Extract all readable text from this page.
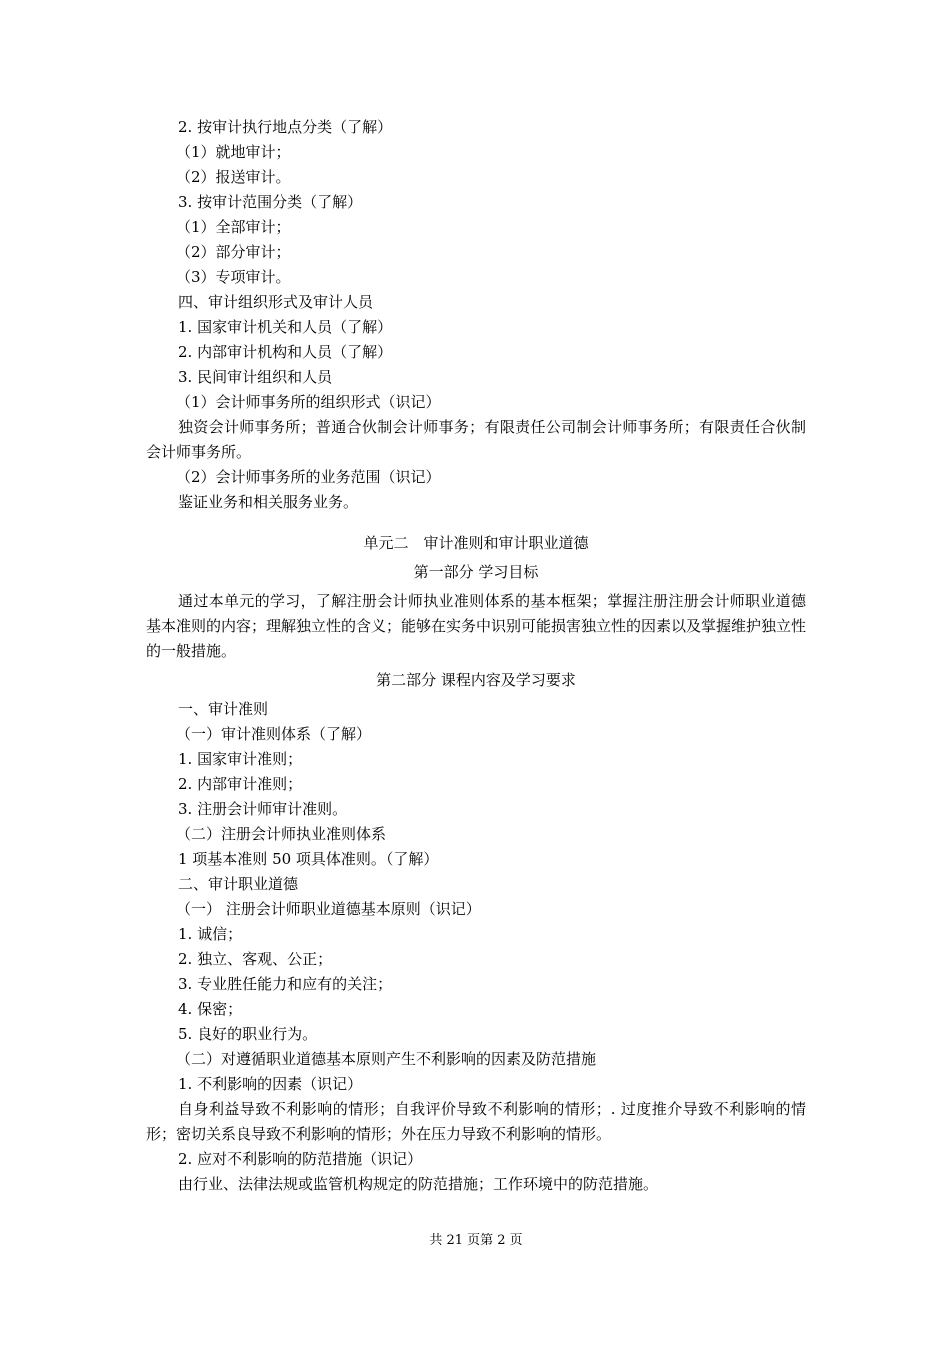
2. 按审计执行地点分类（了解）
（1）就地审计；
（2）报送审计。
3. 按审计范围分类（了解）
（1）全部审计；
（2）部分审计；
（3）专项审计。
四、审计组织形式及审计人员
1. 国家审计机关和人员（了解）
2. 内部审计机构和人员（了解）
3. 民间审计组织和人员
（1）会计师事务所的组织形式（识记）
独资会计师事务所；普通合伙制会计师事务；有限责任公司制会计师事务所；有限责任合伙制会计师事务所。
（2）会计师事务所的业务范围（识记）
鉴证业务和相关服务业务。
单元二　审计准则和审计职业道德
第一部分 学习目标
通过本单元的学习，了解注册会计师执业准则体系的基本框架；掌握注册注册会计师职业道德基本准则的内容；理解独立性的含义；能够在实务中识别可能损害独立性的因素以及掌握维护独立性的一般措施。
第二部分 课程内容及学习要求
一、审计准则
（一）审计准则体系（了解）
1. 国家审计准则；
2. 内部审计准则；
3. 注册会计师审计准则。
（二）注册会计师执业准则体系
1 项基本准则 50 项具体准则。（了解）
二、审计职业道德
（一） 注册会计师职业道德基本原则（识记）
1. 诚信；
2. 独立、客观、公正；
3. 专业胜任能力和应有的关注；
4. 保密；
5. 良好的职业行为。
（二）对遵循职业道德基本原则产生不利影响的因素及防范措施
1. 不利影响的因素（识记）
自身利益导致不利影响的情形；自我评价导致不利影响的情形；. 过度推介导致不利影响的情形；密切关系良导致不利影响的情形；外在压力导致不利影响的情形。
2. 应对不利影响的防范措施（识记）
由行业、法律法规或监管机构规定的防范措施；工作环境中的防范措施。
共 21 页第 2 页
